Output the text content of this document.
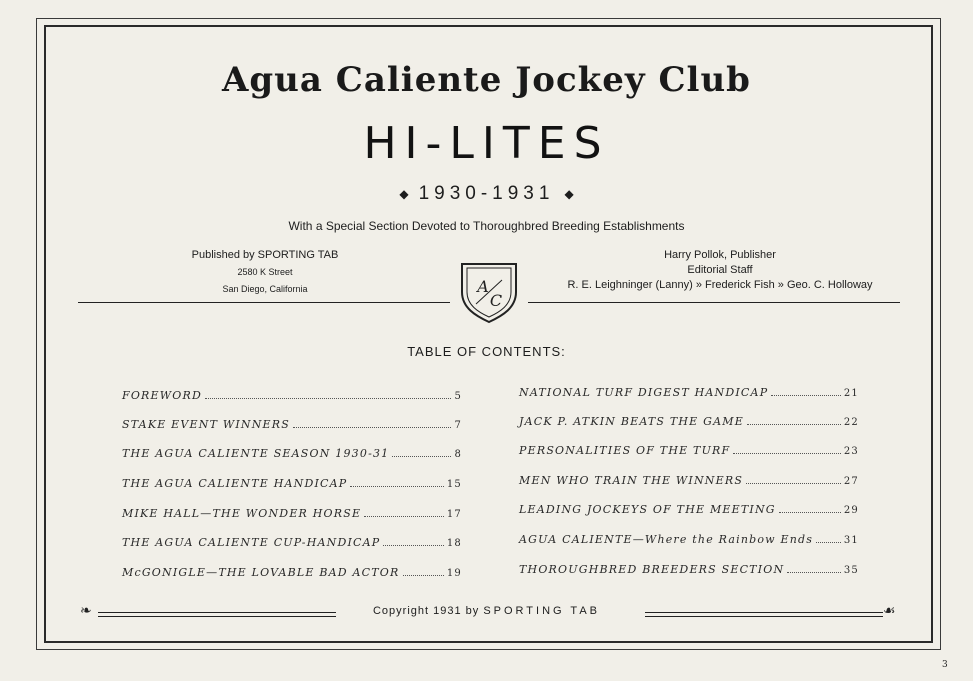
Agua Caliente Jockey Club
HI-LITES
◆ 1930-1931 ◆
With a Special Section Devoted to Thoroughbred Breeding Establishments
Published by SPORTING TAB
2580 K Street
San Diego, California
Harry Pollok, Publisher
Editorial Staff
R. E. Leighninger (Lanny) » Frederick Fish » Geo. C. Holloway
A
C
TABLE OF CONTENTS:
FOREWORD	5
STAKE EVENT WINNERS	7
THE AGUA CALIENTE SEASON 1930-31	8
THE AGUA CALIENTE HANDICAP	15
MIKE HALL—THE WONDER HORSE	17
THE AGUA CALIENTE CUP-HANDICAP	18
McGONIGLE—THE LOVABLE BAD ACTOR	19
NATIONAL TURF DIGEST HANDICAP	21
JACK P. ATKIN BEATS THE GAME	22
PERSONALITIES OF THE TURF	23
MEN WHO TRAIN THE WINNERS	27
LEADING JOCKEYS OF THE MEETING	29
AGUA CALIENTE—Where the Rainbow Ends	31
THOROUGHBRED BREEDERS SECTION	35
❧	☙
Copyright 1931 by SPORTING TAB
3
